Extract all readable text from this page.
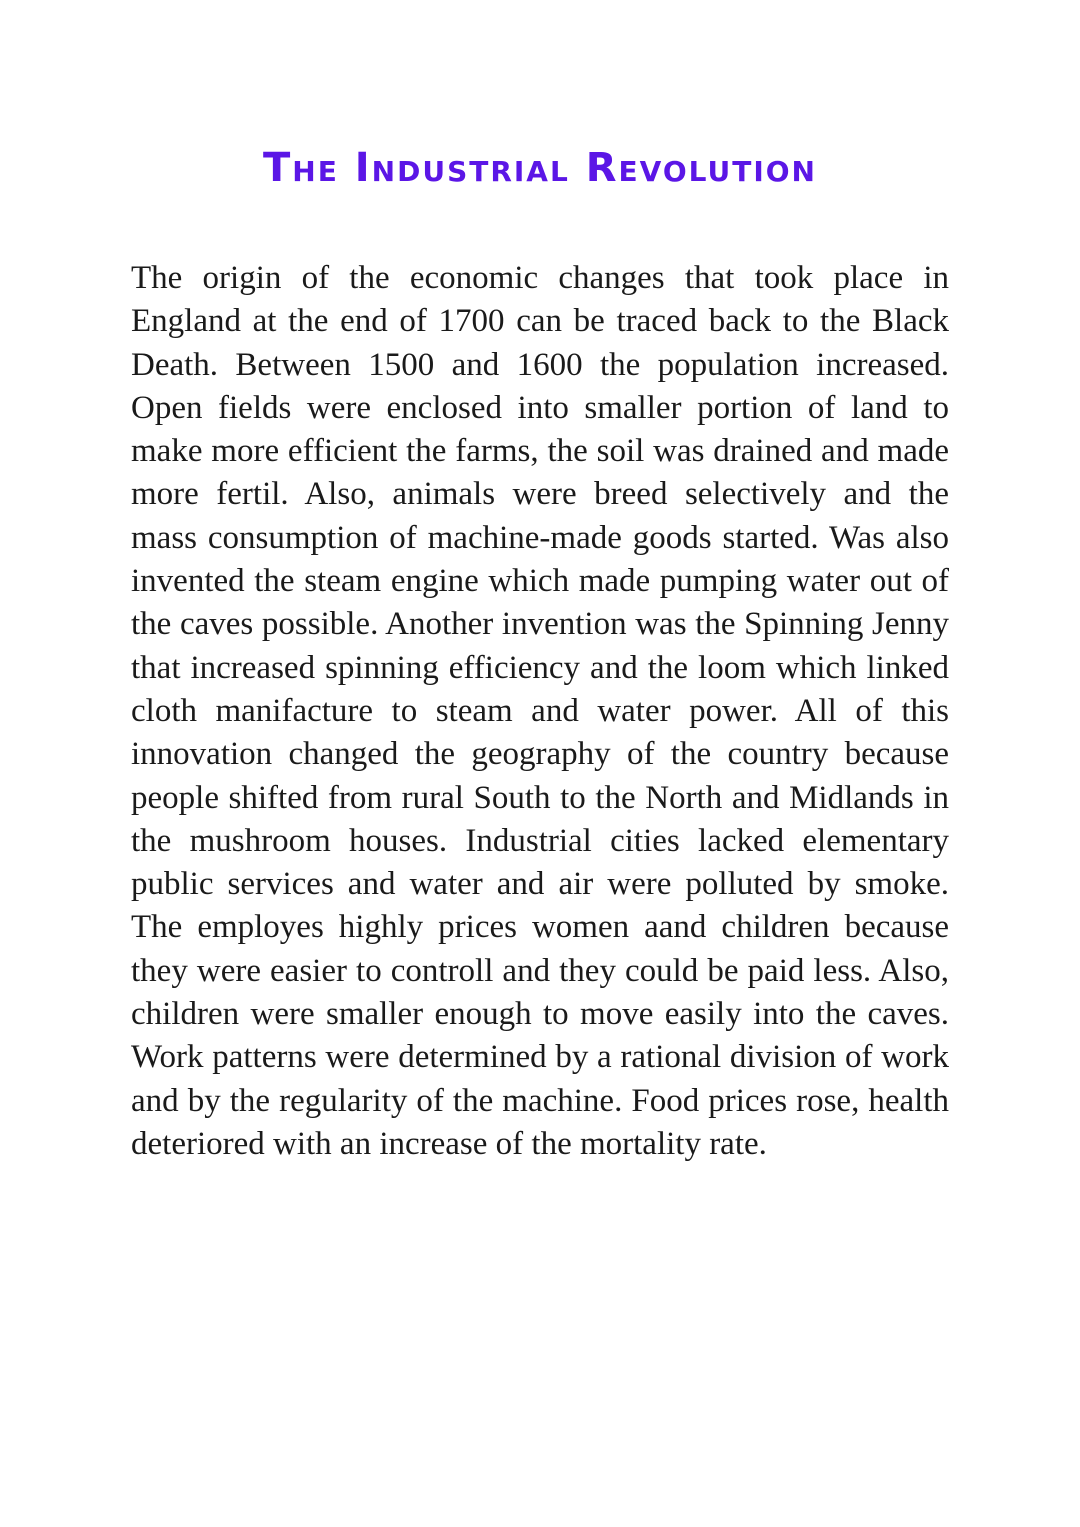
The Industrial Revolution

The origin of the economic changes that took place in England at the end of 1700 can be traced back to the Black Death. Between 1500 and 1600 the population increased. Open fields were enclosed into smaller portion of land to make more efficient the farms, the soil was drained and made more fertil. Also, animals were breed selectively and the mass consumption of machine-made goods started. Was also invented the steam engine which made pumping water out of the caves possible. Another invention was the Spinning Jenny that increased spinning efficiency and the loom which linked cloth manifacture to steam and water power. All of this innovation changed the geography of the country because people shifted from rural South to the North and Midlands in the mushroom houses. Industrial cities lacked elementary public services and water and air were polluted by smoke. The employes highly prices women aand children because they were easier to controll and they could be paid less. Also, children were smaller enough to move easily into the caves. Work patterns were determined by a rational division of work and by the regularity of the machine. Food prices rose, health deteriored with an increase of the mortality rate.
